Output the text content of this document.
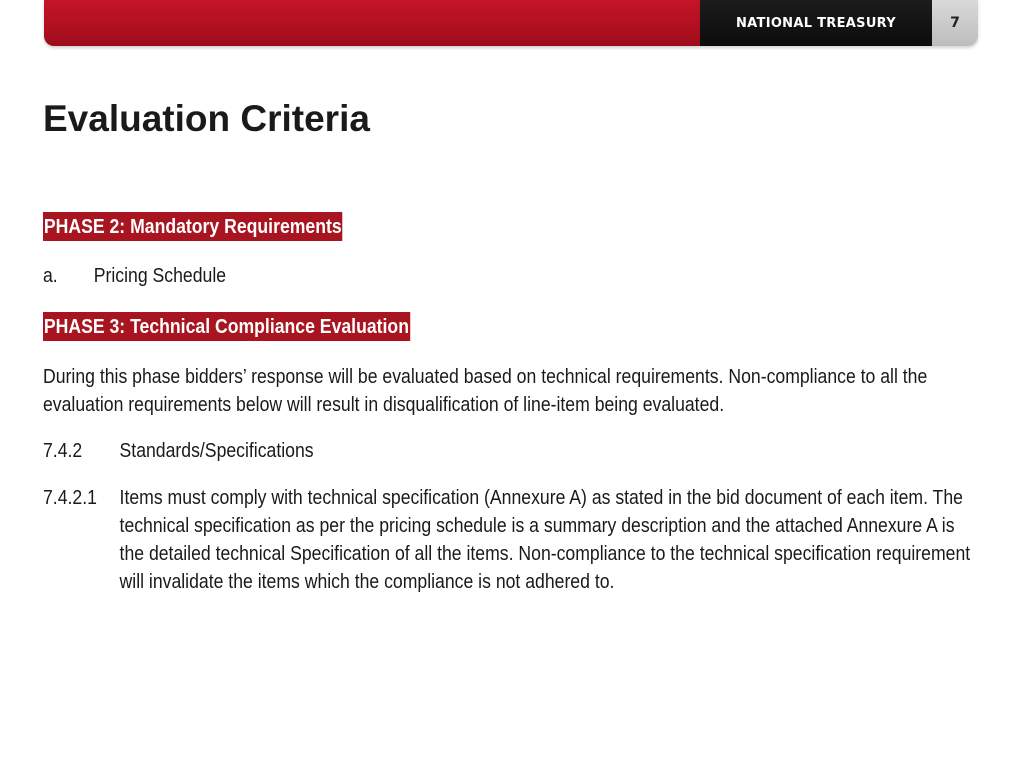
NATIONAL TREASURY	7
Evaluation Criteria
PHASE 2: Mandatory Requirements
a.	Pricing Schedule
PHASE 3: Technical Compliance Evaluation

During this phase bidders’ response will be evaluated based on technical requirements. Non-compliance to all the evaluation requirements below will result in disqualification of line-item being evaluated.

7.4.2	Standards/Specifications
7.4.2.1	Items must comply with technical specification (Annexure A) as stated in the bid document of each item. The technical specification as per the pricing schedule is a summary description and the attached Annexure A is the detailed technical Specification of all the items. Non-compliance to the technical specification requirement will invalidate the items which the compliance is not adhered to.
